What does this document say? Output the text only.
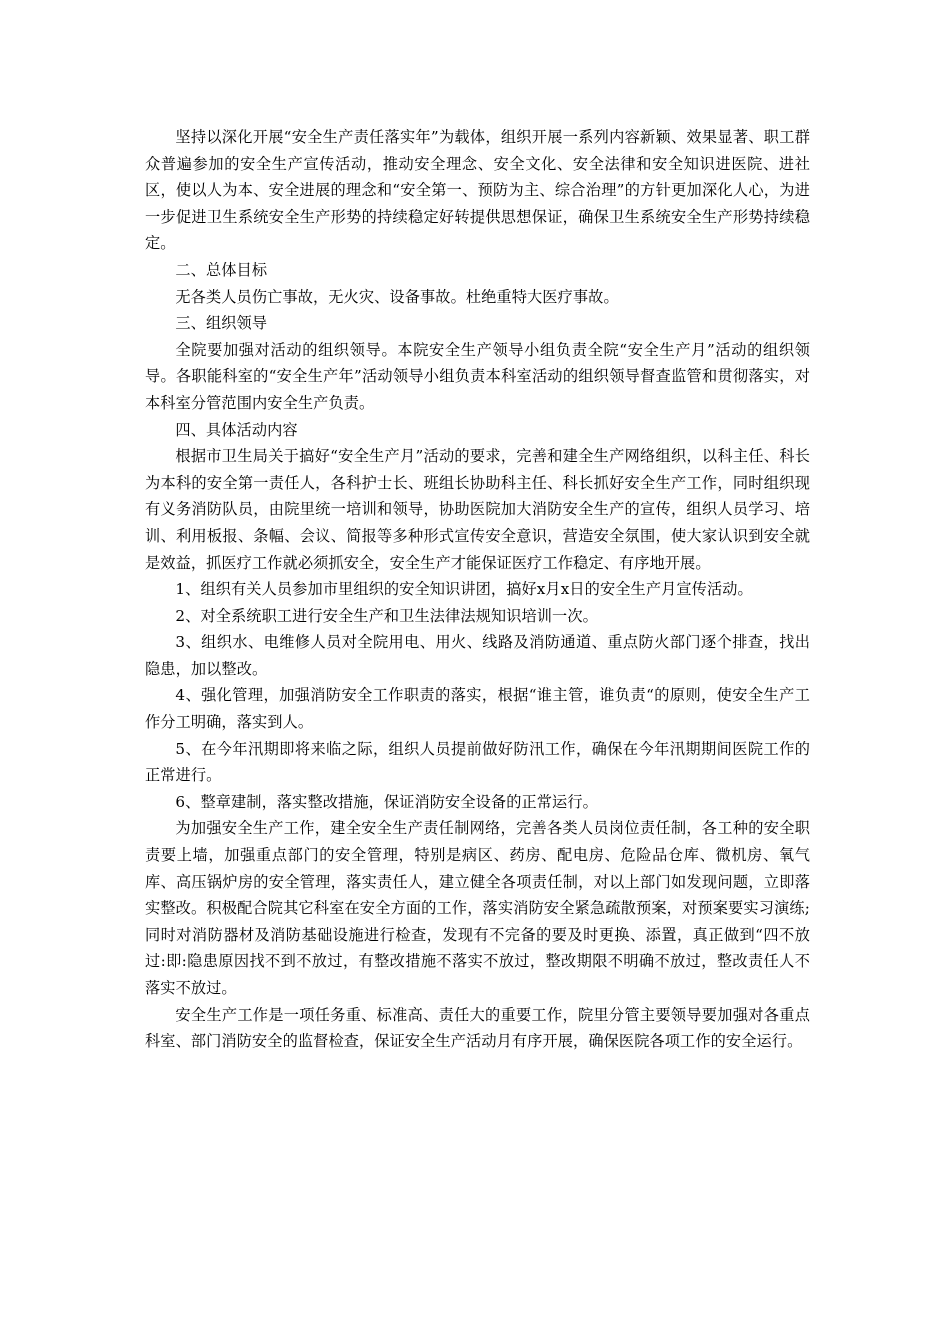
坚持以深化开展“安全生产责任落实年”为载体，组织开展一系列内容新颖、效果显著、职工群众普遍参加的安全生产宣传活动，推动安全理念、安全文化、安全法律和安全知识进医院、进社区，使以人为本、安全进展的理念和“安全第一、预防为主、综合治理”的方针更加深化人心，为进一步促进卫生系统安全生产形势的持续稳定好转提供思想保证，确保卫生系统安全生产形势持续稳定。

二、总体目标

无各类人员伤亡事故，无火灾、设备事故。杜绝重特大医疗事故。

三、组织领导

全院要加强对活动的组织领导。本院安全生产领导小组负责全院“安全生产月”活动的组织领导。各职能科室的“安全生产年”活动领导小组负责本科室活动的组织领导督查监管和贯彻落实，对本科室分管范围内安全生产负责。

四、具体活动内容

根据市卫生局关于搞好“安全生产月”活动的要求，完善和建全生产网络组织，以科主任、科长为本科的安全第一责任人，各科护士长、班组长协助科主任、科长抓好安全生产工作，同时组织现有义务消防队员，由院里统一培训和领导，协助医院加大消防安全生产的宣传，组织人员学习、培训、利用板报、条幅、会议、简报等多种形式宣传安全意识，营造安全氛围，使大家认识到安全就是效益，抓医疗工作就必须抓安全，安全生产才能保证医疗工作稳定、有序地开展。

1、组织有关人员参加市里组织的安全知识讲团，搞好x月x日的安全生产月宣传活动。

2、对全系统职工进行安全生产和卫生法律法规知识培训一次。

3、组织水、电维修人员对全院用电、用火、线路及消防通道、重点防火部门逐个排查，找出隐患，加以整改。

4、强化管理，加强消防安全工作职责的落实，根据“谁主管，谁负责“的原则，使安全生产工作分工明确，落实到人。

5、在今年汛期即将来临之际，组织人员提前做好防汛工作，确保在今年汛期期间医院工作的正常进行。

6、整章建制，落实整改措施，保证消防安全设备的正常运行。

为加强安全生产工作，建全安全生产责任制网络，完善各类人员岗位责任制，各工种的安全职责要上墙，加强重点部门的安全管理，特别是病区、药房、配电房、危险品仓库、微机房、氧气库、高压锅炉房的安全管理，落实责任人，建立健全各项责任制，对以上部门如发现问题，立即落实整改。积极配合院其它科室在安全方面的工作，落实消防安全紧急疏散预案，对预案要实习演练;同时对消防器材及消防基础设施进行检查，发现有不完备的要及时更换、添置，真正做到“四不放过:即:隐患原因找不到不放过，有整改措施不落实不放过，整改期限不明确不放过，整改责任人不落实不放过。

安全生产工作是一项任务重、标准高、责任大的重要工作，院里分管主要领导要加强对各重点科室、部门消防安全的监督检查，保证安全生产活动月有序开展，确保医院各项工作的安全运行。
